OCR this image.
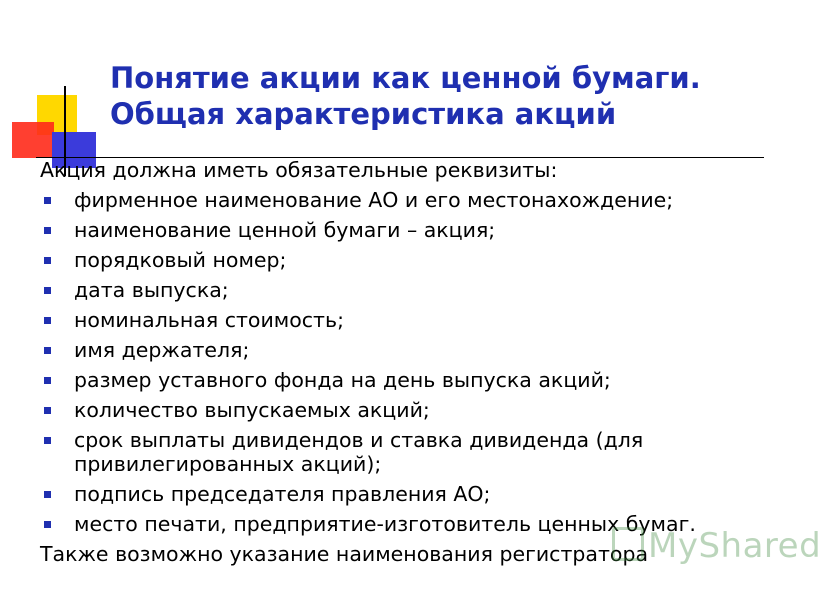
Понятие акции как ценной бумаги.
Общая характеристика акций
Акция должна иметь обязательные реквизиты:
фирменное наименование АО и его местонахождение;
наименование ценной бумаги – акция;
порядковый номер;
дата выпуска;
номинальная стоимость;
имя держателя;
размер уставного фонда на день выпуска акций;
количество выпускаемых акций;
срок выплаты дивидендов и ставка дивиденда (для привилегированных акций);
подпись председателя правления АО;
место печати, предприятие-изготовитель ценных бумаг.
Также возможно указание наименования регистратора MyShared
